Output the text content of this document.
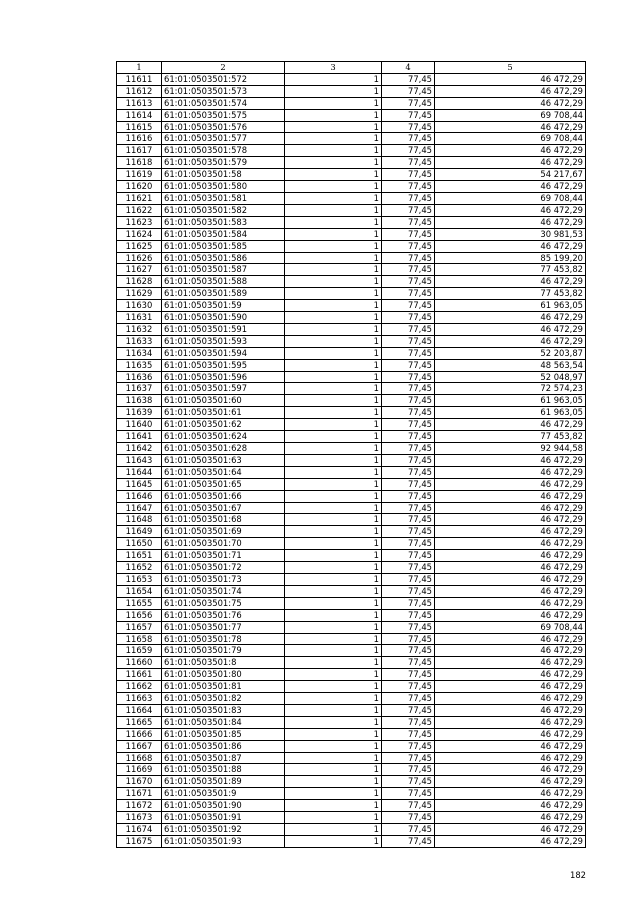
1	2	3	4	5
11611	61:01:0503501:572	1	77,45	46 472,29
11612	61:01:0503501:573	1	77,45	46 472,29
11613	61:01:0503501:574	1	77,45	46 472,29
11614	61:01:0503501:575	1	77,45	69 708,44
11615	61:01:0503501:576	1	77,45	46 472,29
11616	61:01:0503501:577	1	77,45	69 708,44
11617	61:01:0503501:578	1	77,45	46 472,29
11618	61:01:0503501:579	1	77,45	46 472,29
11619	61:01:0503501:58	1	77,45	54 217,67
11620	61:01:0503501:580	1	77,45	46 472,29
11621	61:01:0503501:581	1	77,45	69 708,44
11622	61:01:0503501:582	1	77,45	46 472,29
11623	61:01:0503501:583	1	77,45	46 472,29
11624	61:01:0503501:584	1	77,45	30 981,53
11625	61:01:0503501:585	1	77,45	46 472,29
11626	61:01:0503501:586	1	77,45	85 199,20
11627	61:01:0503501:587	1	77,45	77 453,82
11628	61:01:0503501:588	1	77,45	46 472,29
11629	61:01:0503501:589	1	77,45	77 453,82
11630	61:01:0503501:59	1	77,45	61 963,05
11631	61:01:0503501:590	1	77,45	46 472,29
11632	61:01:0503501:591	1	77,45	46 472,29
11633	61:01:0503501:593	1	77,45	46 472,29
11634	61:01:0503501:594	1	77,45	52 203,87
11635	61:01:0503501:595	1	77,45	48 563,54
11636	61:01:0503501:596	1	77,45	52 048,97
11637	61:01:0503501:597	1	77,45	72 574,23
11638	61:01:0503501:60	1	77,45	61 963,05
11639	61:01:0503501:61	1	77,45	61 963,05
11640	61:01:0503501:62	1	77,45	46 472,29
11641	61:01:0503501:624	1	77,45	77 453,82
11642	61:01:0503501:628	1	77,45	92 944,58
11643	61:01:0503501:63	1	77,45	46 472,29
11644	61:01:0503501:64	1	77,45	46 472,29
11645	61:01:0503501:65	1	77,45	46 472,29
11646	61:01:0503501:66	1	77,45	46 472,29
11647	61:01:0503501:67	1	77,45	46 472,29
11648	61:01:0503501:68	1	77,45	46 472,29
11649	61:01:0503501:69	1	77,45	46 472,29
11650	61:01:0503501:70	1	77,45	46 472,29
11651	61:01:0503501:71	1	77,45	46 472,29
11652	61:01:0503501:72	1	77,45	46 472,29
11653	61:01:0503501:73	1	77,45	46 472,29
11654	61:01:0503501:74	1	77,45	46 472,29
11655	61:01:0503501:75	1	77,45	46 472,29
11656	61:01:0503501:76	1	77,45	46 472,29
11657	61:01:0503501:77	1	77,45	69 708,44
11658	61:01:0503501:78	1	77,45	46 472,29
11659	61:01:0503501:79	1	77,45	46 472,29
11660	61:01:0503501:8	1	77,45	46 472,29
11661	61:01:0503501:80	1	77,45	46 472,29
11662	61:01:0503501:81	1	77,45	46 472,29
11663	61:01:0503501:82	1	77,45	46 472,29
11664	61:01:0503501:83	1	77,45	46 472,29
11665	61:01:0503501:84	1	77,45	46 472,29
11666	61:01:0503501:85	1	77,45	46 472,29
11667	61:01:0503501:86	1	77,45	46 472,29
11668	61:01:0503501:87	1	77,45	46 472,29
11669	61:01:0503501:88	1	77,45	46 472,29
11670	61:01:0503501:89	1	77,45	46 472,29
11671	61:01:0503501:9	1	77,45	46 472,29
11672	61:01:0503501:90	1	77,45	46 472,29
11673	61:01:0503501:91	1	77,45	46 472,29
11674	61:01:0503501:92	1	77,45	46 472,29
11675	61:01:0503501:93	1	77,45	46 472,29
182
